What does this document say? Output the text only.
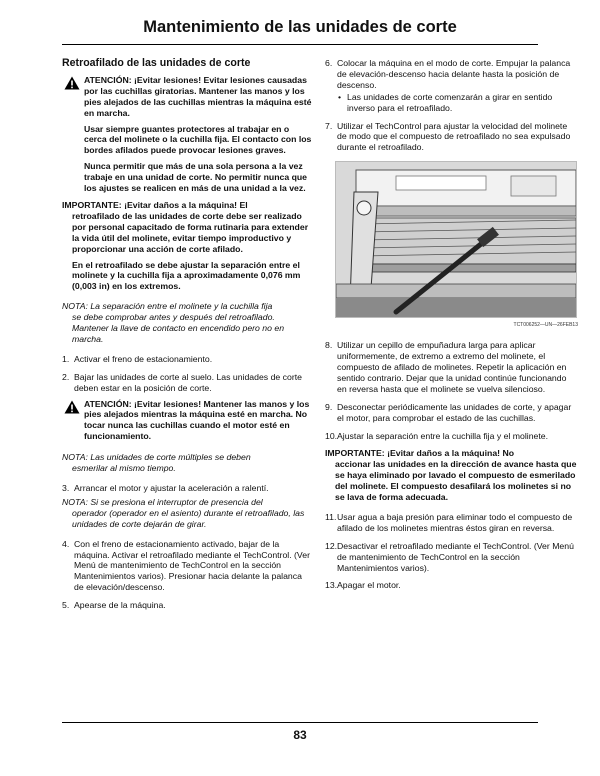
Mantenimiento de las unidades de corte

Retroafilado de las unidades de corte

ATENCIÓN: ¡Evitar lesiones! Evitar lesiones causadas por las cuchillas giratorias. Mantener las manos y los pies alejados de las cuchillas mientras la máquina esté en marcha.

Usar siempre guantes protectores al trabajar en o cerca del molinete o la cuchilla fija. El contacto con los bordes afilados puede provocar lesiones graves.

Nunca permitir que más de una sola persona a la vez trabaje en una unidad de corte. No permitir nunca que los ajustes se realicen en más de una unidad a la vez.

IMPORTANTE: ¡Evitar daños a la máquina! El
retroafilado de las unidades de corte debe ser realizado por personal capacitado de forma rutinaria para extender la vida útil del molinete, evitar tiempo improductivo y proporcionar una acción de corte afilado.

En el retroafilado se debe ajustar la separación entre el molinete y la cuchilla fija a aproximadamente 0,076 mm (0,003 in) en los extremos.

NOTA: La separación entre el molinete y la cuchilla fija
se debe comprobar antes y después del retroafilado. Mantener la llave de contacto en encendido pero no en marcha.
1. Activar el freno de estacionamiento.
2. Bajar las unidades de corte al suelo. Las unidades de corte deben estar en la posición de corte.

ATENCIÓN: ¡Evitar lesiones! Mantener las manos y los pies alejados mientras la máquina esté en marcha. No tocar nunca las cuchillas cuando el motor esté en funcionamiento.

NOTA: Las unidades de corte múltiples se deben
esmerilar al mismo tiempo.
3. Arrancar el motor y ajustar la aceleración a ralentí.
NOTA: Si se presiona el interruptor de presencia del
operador (operador en el asiento) durante el retroafilado, las unidades de corte dejarán de girar.
4. Con el freno de estacionamiento activado, bajar de la máquina. Activar el retroafilado mediante el TechControl. (Ver Menú de mantenimiento de TechControl en la sección Mantenimientos varios). Presionar hacia delante la palanca de elevación/descenso.
5. Apearse de la máquina.
6. Colocar la máquina en el modo de corte. Empujar la palanca de elevación-descenso hacia delante hasta la posición de descenso.
• Las unidades de corte comenzarán a girar en sentido inverso para el retroafilado.
7. Utilizar el TechControl para ajustar la velocidad del molinete de modo que el compuesto de retroafilado no sea expulsado durante el retroafilado.
TCT006252—UN—26FEB13
8. Utilizar un cepillo de empuñadura larga para aplicar uniformemente, de extremo a extremo del molinete, el compuesto de afilado de molinetes. Repetir la aplicación en sentido contrario. Dejar que la unidad continúe funcionando en reversa hasta que el molinete se vuelva silencioso.
9. Desconectar periódicamente las unidades de corte, y apagar el motor, para comprobar el estado de las cuchillas.
10. Ajustar la separación entre la cuchilla fija y el molinete.
IMPORTANTE: ¡Evitar daños a la máquina! No
accionar las unidades en la dirección de avance hasta que se haya eliminado por lavado el compuesto de esmerilado del molinete. El compuesto desafilará los molinetes si no se lava de forma adecuada.
11. Usar agua a baja presión para eliminar todo el compuesto de afilado de los molinetes mientras éstos giran en reversa.
12. Desactivar el retroafilado mediante el TechControl. (Ver Menú de mantenimiento de TechControl en la sección Mantenimientos varios).
13. Apagar el motor.
83
